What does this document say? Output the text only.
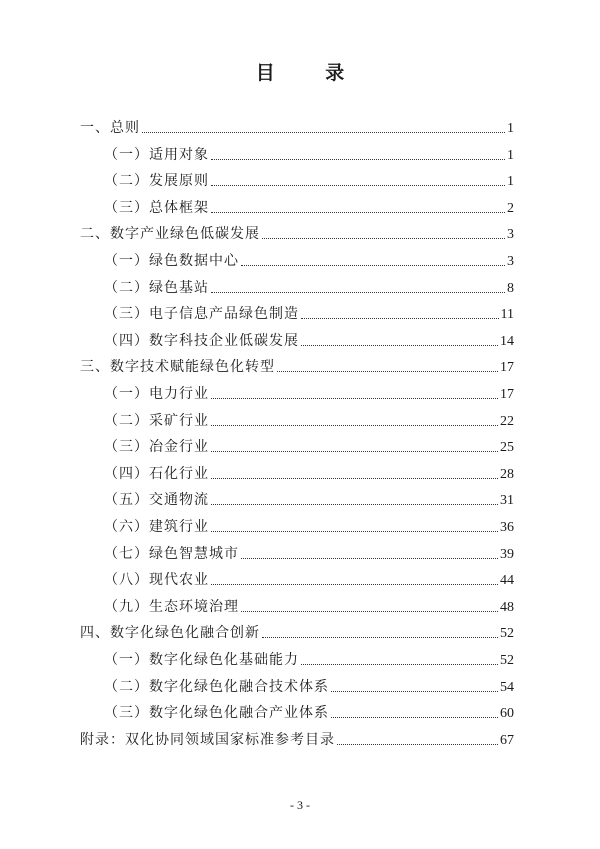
目 录
一、总则	1
（一）适用对象	1
（二）发展原则	1
（三）总体框架	2
二、数字产业绿色低碳发展	3
（一）绿色数据中心	3
（二）绿色基站	8
（三）电子信息产品绿色制造	11
（四）数字科技企业低碳发展	14
三、数字技术赋能绿色化转型	17
（一）电力行业	17
（二）采矿行业	22
（三）冶金行业	25
（四）石化行业	28
（五）交通物流	31
（六）建筑行业	36
（七）绿色智慧城市	39
（八）现代农业	44
（九）生态环境治理	48
四、数字化绿色化融合创新	52
（一）数字化绿色化基础能力	52
（二）数字化绿色化融合技术体系	54
（三）数字化绿色化融合产业体系	60
附录：双化协同领域国家标准参考目录	67
- 3 -
